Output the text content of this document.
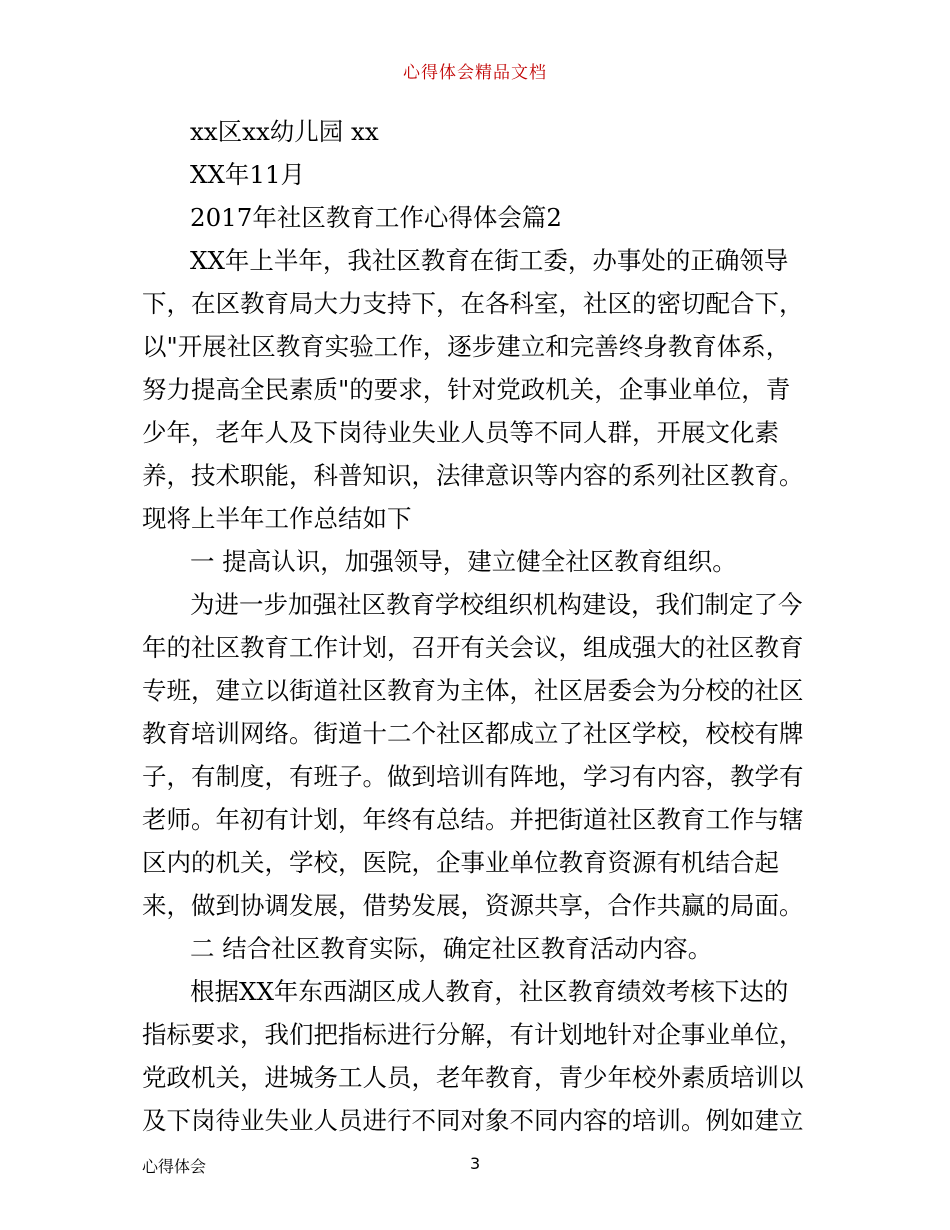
心得体会精品文档
xx区xx幼儿园 xx
XX年11月
2017年社区教育工作心得体会篇2
XX年上半年，我社区教育在街工委，办事处的正确领导
下，在区教育局大力支持下，在各科室，社区的密切配合下，
以"开展社区教育实验工作，逐步建立和完善终身教育体系，
努力提高全民素质"的要求，针对党政机关，企事业单位，青
少年，老年人及下岗待业失业人员等不同人群，开展文化素
养，技术职能，科普知识，法律意识等内容的系列社区教育。
现将上半年工作总结如下
一 提高认识，加强领导，建立健全社区教育组织。
为进一步加强社区教育学校组织机构建设，我们制定了今
年的社区教育工作计划，召开有关会议，组成强大的社区教育
专班，建立以街道社区教育为主体，社区居委会为分校的社区
教育培训网络。街道十二个社区都成立了社区学校，校校有牌
子，有制度，有班子。做到培训有阵地，学习有内容，教学有
老师。年初有计划，年终有总结。并把街道社区教育工作与辖
区内的机关，学校，医院，企事业单位教育资源有机结合起
来，做到协调发展，借势发展，资源共享，合作共赢的局面。
二 结合社区教育实际，确定社区教育活动内容。
根据XX年东西湖区成人教育，社区教育绩效考核下达的
指标要求，我们把指标进行分解，有计划地针对企事业单位，
党政机关，进城务工人员，老年教育，青少年校外素质培训以
及下岗待业失业人员进行不同对象不同内容的培训。例如建立
心得体会	3
